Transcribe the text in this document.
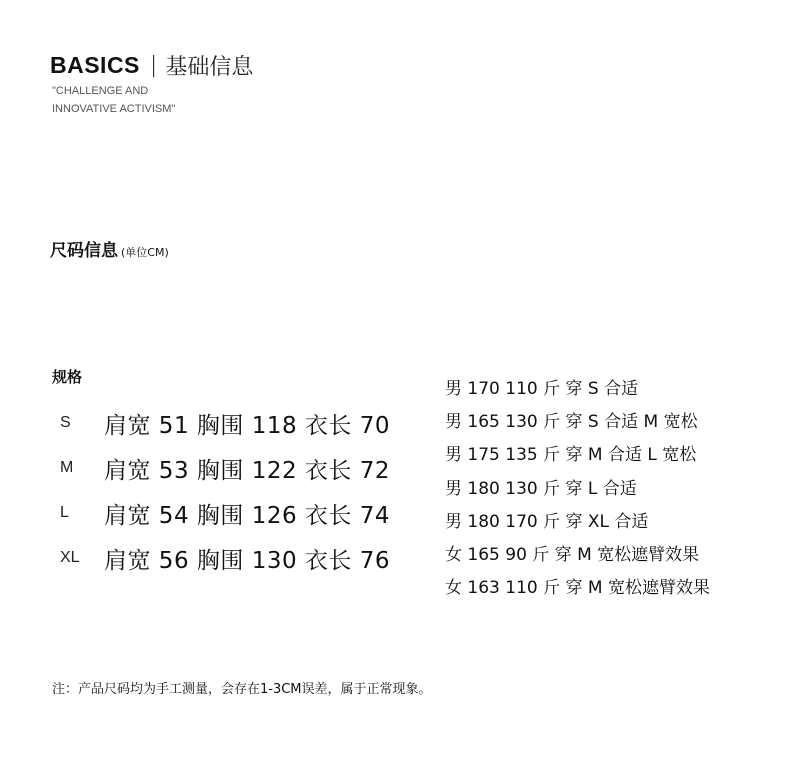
BASICS | 基础信息
"CHALLENGE AND
INNOVATIVE ACTIVISM"
尺码信息 (单位CM)
规格
S	肩宽 51 胸围 118 衣长 70
M	肩宽 53 胸围 122 衣长 72
L	肩宽 54 胸围 126 衣长 74
XL	肩宽 56 胸围 130 衣长 76
男 170 110 斤 穿 S 合适
男 165 130 斤 穿 S 合适 M 宽松
男 175 135 斤 穿 M 合适 L 宽松
男 180 130 斤 穿 L 合适
男 180 170 斤 穿 XL 合适
女 165 90 斤 穿 M 宽松遮臂效果
女 163 110 斤 穿 M 宽松遮臂效果
注：产品尺码均为手工测量，会存在1-3CM误差，属于正常现象。
